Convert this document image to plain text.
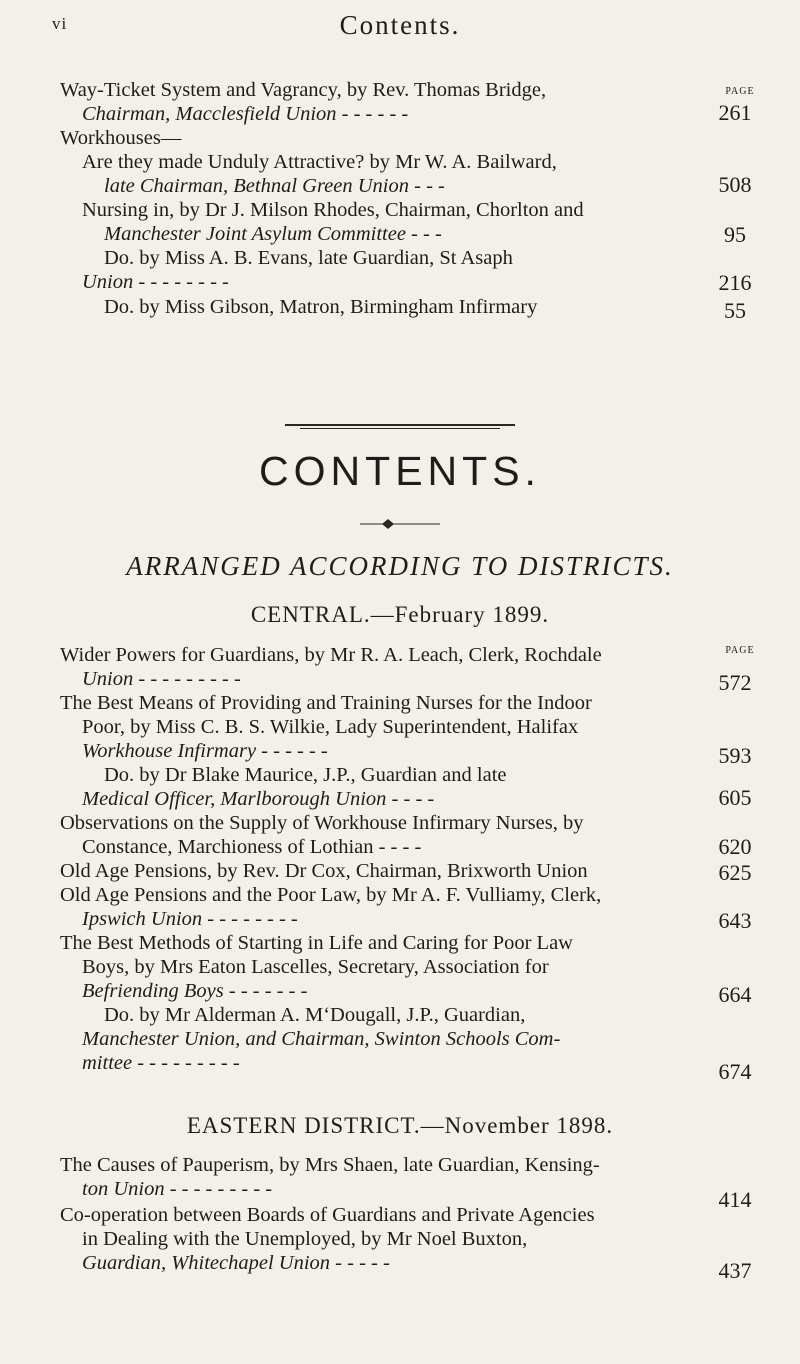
vi	Contents.
PAGE
Way-Ticket System and Vagrancy, by Rev. Thomas Bridge,
Chairman, Macclesfield Union - - - - - -	261
Workhouses—
Are they made Unduly Attractive? by Mr W. A. Bailward,
late Chairman, Bethnal Green Union - - -	508
Nursing in, by Dr J. Milson Rhodes, Chairman, Chorlton and
Manchester Joint Asylum Committee - - -	95
Do. by Miss A. B. Evans, late Guardian, St Asaph
Union - - - - - - - -	216
Do. by Miss Gibson, Matron, Birmingham Infirmary	55
CONTENTS.
ARRANGED ACCORDING TO DISTRICTS.
CENTRAL.—February 1899.
PAGE
Wider Powers for Guardians, by Mr R. A. Leach, Clerk, Rochdale
Union - - - - - - - - -	572
The Best Means of Providing and Training Nurses for the Indoor
Poor, by Miss C. B. S. Wilkie, Lady Superintendent, Halifax
Workhouse Infirmary - - - - - -	593
Do. by Dr Blake Maurice, J.P., Guardian and late
Medical Officer, Marlborough Union - - - -	605
Observations on the Supply of Workhouse Infirmary Nurses, by
Constance, Marchioness of Lothian - - - -	620
Old Age Pensions, by Rev. Dr Cox, Chairman, Brixworth Union	625
Old Age Pensions and the Poor Law, by Mr A. F. Vulliamy, Clerk,
Ipswich Union - - - - - - - -	643
The Best Methods of Starting in Life and Caring for Poor Law
Boys, by Mrs Eaton Lascelles, Secretary, Association for
Befriending Boys - - - - - - -	664
Do. by Mr Alderman A. M‘Dougall, J.P., Guardian,
Manchester Union, and Chairman, Swinton Schools Com-
mittee - - - - - - - - -	674
EASTERN DISTRICT.—November 1898.
The Causes of Pauperism, by Mrs Shaen, late Guardian, Kensing-
ton Union - - - - - - - - -	414
Co-operation between Boards of Guardians and Private Agencies
in Dealing with the Unemployed, by Mr Noel Buxton,
Guardian, Whitechapel Union - - - - -	437
